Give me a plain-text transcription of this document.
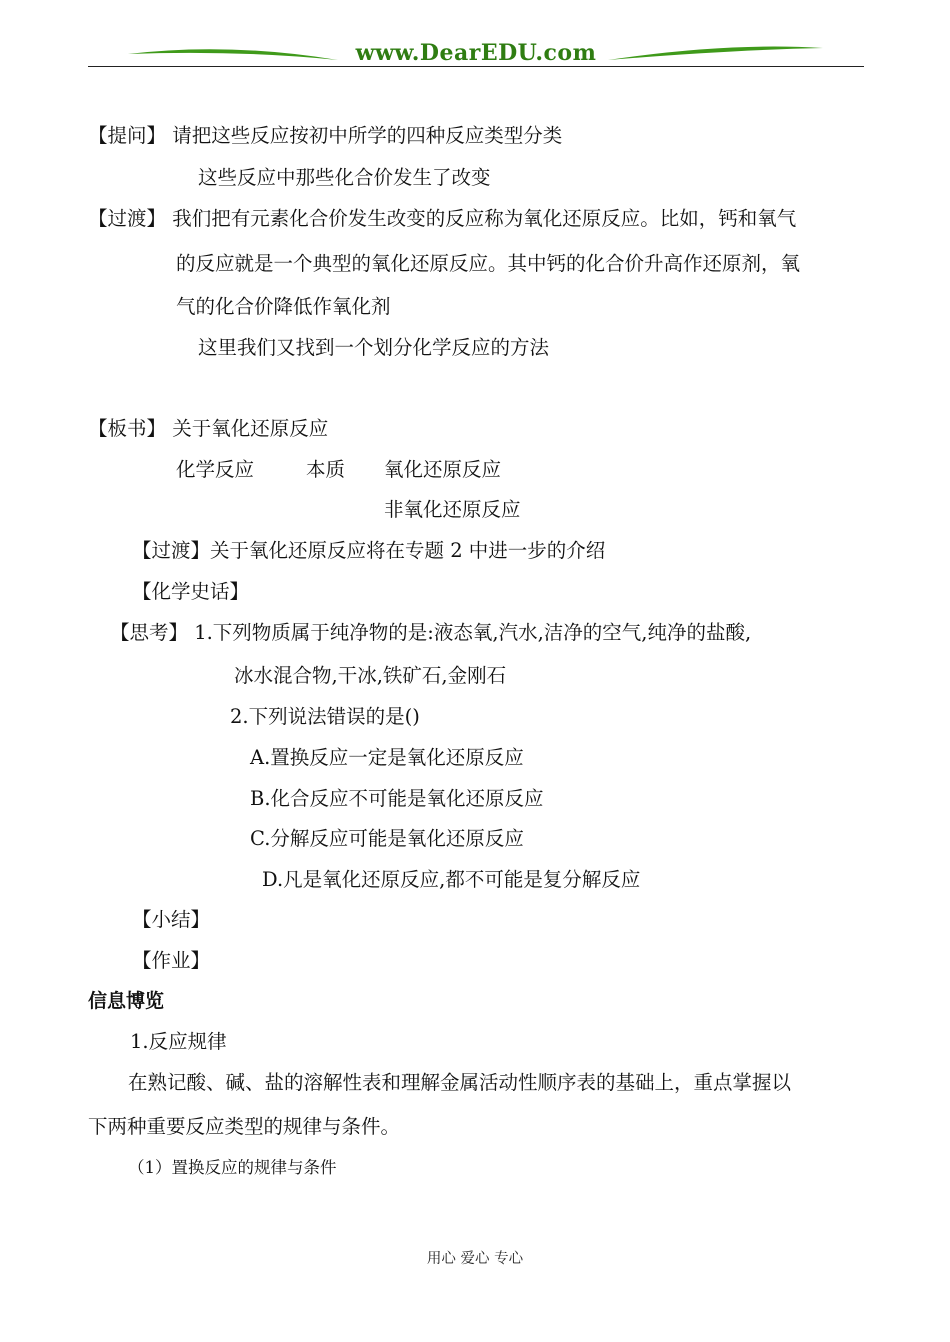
www.DearEDU.com
【提问】 请把这些反应按初中所学的四种反应类型分类
这些反应中那些化合价发生了改变
【过渡】 我们把有元素化合价发生改变的反应称为氧化还原反应。比如，钙和氧气
的反应就是一个典型的氧化还原反应。其中钙的化合价升高作还原剂，氧
气的化合价降低作氧化剂
这里我们又找到一个划分化学反应的方法
【板书】 关于氧化还原反应
化学反应	本质 氧化还原反应
非氧化还原反应
【过渡】关于氧化还原反应将在专题 2 中进一步的介绍
【化学史话】
【思考】 1.下列物质属于纯净物的是:液态氧,汽水,洁净的空气,纯净的盐酸,
冰水混合物,干冰,铁矿石,金刚石
2.下列说法错误的是()
A.置换反应一定是氧化还原反应
B.化合反应不可能是氧化还原反应
C.分解反应可能是氧化还原反应
D.凡是氧化还原反应,都不可能是复分解反应
【小结】
【作业】
信息博览
1.反应规律
在熟记酸、碱、盐的溶解性表和理解金属活动性顺序表的基础上，重点掌握以
下两种重要反应类型的规律与条件。
（1）置换反应的规律与条件
用心 爱心 专心
